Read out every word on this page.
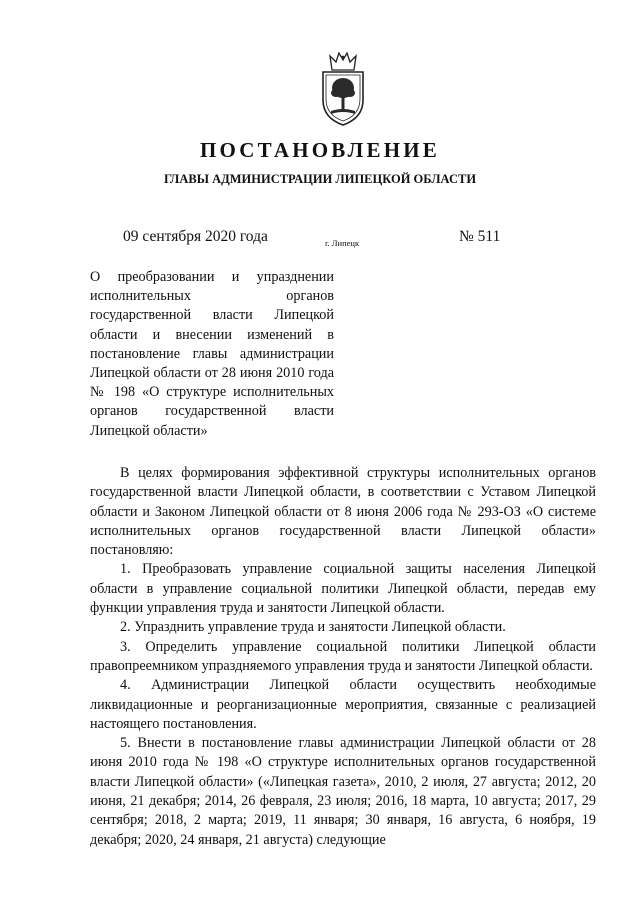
ПОСТАНОВЛЕНИЕ
ГЛАВЫ АДМИНИСТРАЦИИ ЛИПЕЦКОЙ ОБЛАСТИ
09 сентября 2020 года	г. Липецк	№ 511

О преобразовании и упразднении исполнительных органов государственной власти Липецкой области и внесении изменений в постановление главы администрации Липецкой области от 28 июня 2010 года № 198 «О структуре исполнительных органов государственной власти Липецкой области»

В целях формирования эффективной структуры исполнительных органов государственной власти Липецкой области, в соответствии с Уставом Липецкой области и Законом Липецкой области от 8 июня 2006 года № 293-ОЗ «О системе исполнительных органов государственной власти Липецкой области» постановляю:

1. Преобразовать управление социальной защиты населения Липецкой области в управление социальной политики Липецкой области, передав ему функции управления труда и занятости Липецкой области.

2. Упразднить управление труда и занятости Липецкой области.

3. Определить управление социальной политики Липецкой области правопреемником упраздняемого управления труда и занятости Липецкой области.

4. Администрации Липецкой области осуществить необходимые ликвидационные и реорганизационные мероприятия, связанные с реализацией настоящего постановления.

5. Внести в постановление главы администрации Липецкой области от 28 июня 2010 года № 198 «О структуре исполнительных органов государственной власти Липецкой области» («Липецкая газета», 2010, 2 июля, 27 августа; 2012, 20 июня, 21 декабря; 2014, 26 февраля, 23 июля; 2016, 18 марта, 10 августа; 2017, 29 сентября; 2018, 2 марта; 2019, 11 января; 30 января, 16 августа, 6 ноября, 19 декабря; 2020, 24 января, 21 августа) следующие
